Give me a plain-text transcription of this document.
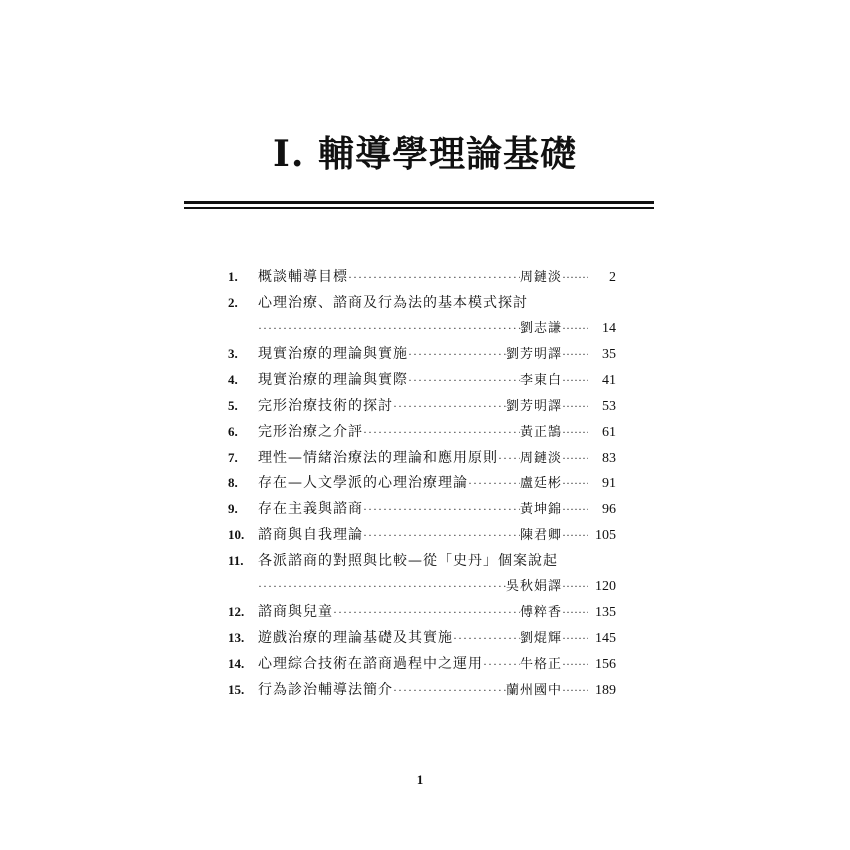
Ⅰ. 輔導學理論基礎
1.	概談輔導目標 ·····	周鏈淡 ·····	2
2.	心理治療、諮商及行為法的基本模式探討
·····
劉志謙 ·····	14
3.	現實治療的理論與實施 ·····	劉芳明譯 ·····	35
4.	現實治療的理論與實際 ·····	李東白 ·····	41
5.	完形治療技術的探討 ·····	劉芳明譯 ·····	53
6.	完形治療之介評 ·····	黃正鵠 ·····	61
7.	理性—情緒治療法的理論和應用原則 ····· 周鏈淡 ·····	83
8.	存在—人文學派的心理治療理論 ·····	盧廷彬 ·····	91
9.	存在主義與諮商 ·····	黃坤錦 ·····	96
10. 諮商與自我理論 ·····	陳君卿 ·····	105
11.	各派諮商的對照與比較—從「史丹」個案說起
·····
吳秋娟譯 ·····	120
12. 諮商與兒童 ·····	傅粹香 ·····	135
13. 遊戲治療的理論基礎及其實施 ·····	劉焜輝 ·····	145
14. 心理綜合技術在諮商過程中之運用 ·····	牛格正 ·····	156
15. 行為診治輔導法簡介 ·····	蘭州國中 ·····	189
1
